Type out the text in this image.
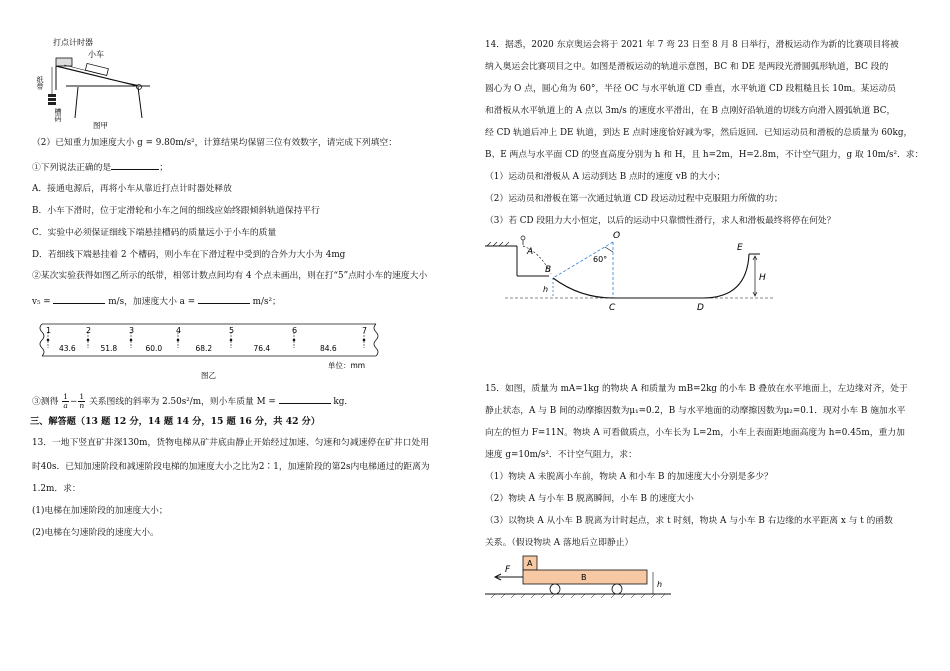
打点计时器
小车
纸带
槽码
图甲
（2）已知重力加速度大小 g = 9.80m/s²，计算结果均保留三位有效数字，请完成下列填空：
①下列说法正确的是	；
A．接通电源后，再将小车从靠近打点计时器处释放
B．小车下滑时，位于定滑轮和小车之间的细线应始终跟倾斜轨道保持平行
C．实验中必须保证细线下端悬挂槽码的质量远小于小车的质量
D．若细线下端悬挂着 2 个槽码，则小车在下滑过程中受到的合外力大小为 4mg
②某次实验获得如图乙所示的纸带，相邻计数点间均有 4 个点未画出，则在打“5”点时小车的速度大小
v₅ =	m/s，加速度大小 a =	m/s²；
1	2	3	4	5	6	7
43.6	51.8	60.0	68.2	76.4	84.6
单位：mm
图乙
③测得 $\frac{1}{a} - \frac{1}{n}$ 关系图线的斜率为 2.50s²/m，则小车质量 M =	kg．
三、解答题（13 题 12 分，14 题 14 分，15 题 16 分，共 42 分）
13．一地下竖直矿井深130m，货物电梯从矿井底由静止开始经过加速、匀速和匀减速停在矿井口处用
时40s．已知加速阶段和减速阶段电梯的加速度大小之比为2∶1，加速阶段的第2s内电梯通过的距离为
1.2m．求：
(1)电梯在加速阶段的加速度大小；
(2)电梯在匀速阶段的速度大小。
14．据悉，2020 东京奥运会将于 2021 年 7 弯 23 日至 8 月 8 日举行，滑板运动作为新的比赛项目将被
纳入奥运会比赛项目之中。如图是滑板运动的轨道示意图，BC 和 DE 是两段光滑圆弧形轨道，BC 段的
圆心为 O 点，圆心角为 60°，半径 OC 与水平轨道 CD 垂直，水平轨道 CD 段粗糙且长 10m。某运动员
和滑板从水平轨道上的 A 点以 3m/s 的速度水平滑出，在 B 点刚好沿轨道的切线方向滑入圆弧轨道 BC，
经 CD 轨道后冲上 DE 轨道，到达 E 点时速度恰好减为零，然后返回．已知运动员和滑板的总质量为 60kg，
B、E 两点与水平面 CD 的竖直高度分别为 h 和 H，且 h=2m，H=2.8m，不计空气阻力，g 取 10m/s²．求：
（1）运动员和滑板从 A 运动到达 B 点时的速度 vB 的大小；
（2）运动员和滑板在第一次通过轨道 CD 段运动过程中克服阻力所做的功；
（3）若 CD 段阻力大小恒定，以后的运动中只靠惯性滑行，求人和滑板最终将停在何处？
A
O
60°
B
h
C	D
E
H
15．如图，质量为 mA=1kg 的物块 A 和质量为 mB=2kg 的小车 B 叠放在水平地面上，左边缘对齐，处于
静止状态，A 与 B 间的动摩擦因数为μ₁=0.2，B 与水平地面的动摩擦因数为μ₂=0.1．现对小车 B 施加水平
向左的恒力 F=11N。物块 A 可看做质点，小车长为 L=2m，小车上表面距地面高度为 h=0.45m，重力加
速度 g=10m/s²．不计空气阻力，求：
（1）物块 A 未脱离小车前，物块 A 和小车 B 的加速度大小分别是多少？
（2）物块 A 与小车 B 脱离瞬间，小车 B 的速度大小
（3）以物块 A 从小车 B 脱离为计时起点，求 t 时刻，物块 A 与小车 B 右边缘的水平距离 x 与 t 的函数
关系。（假设物块 A 落地后立即静止）
F
A
B
h
